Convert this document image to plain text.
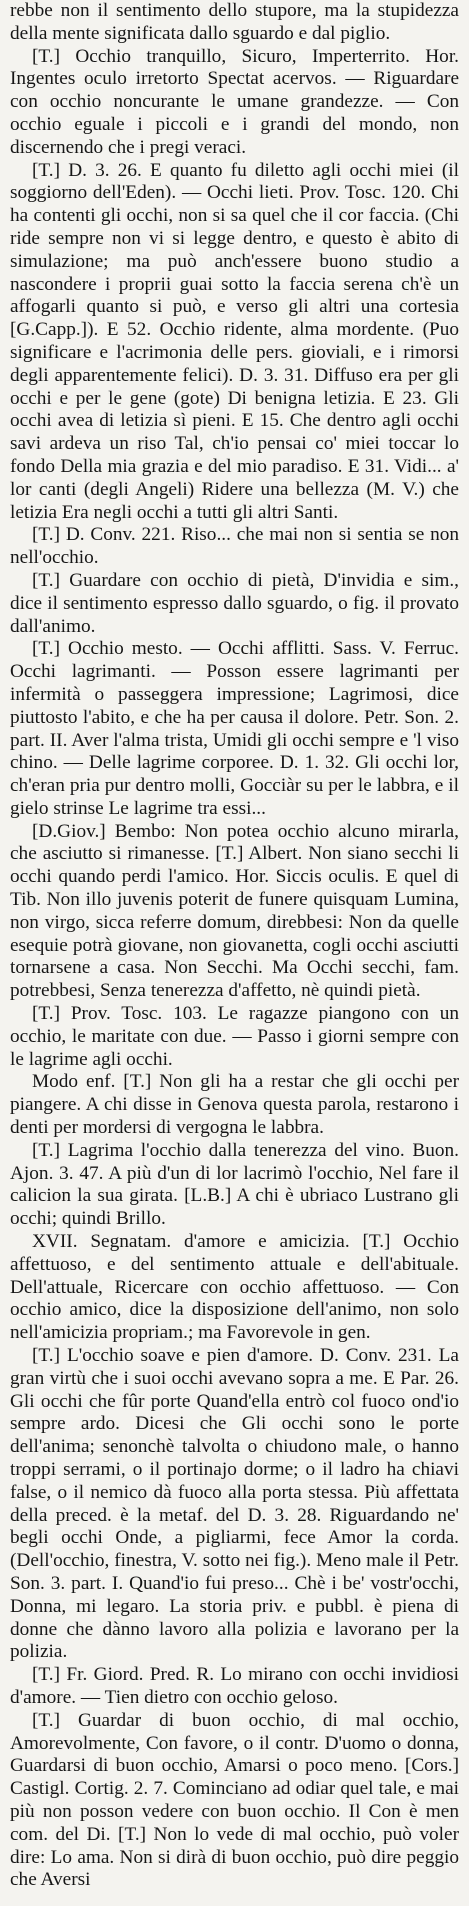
rebbe non il sentimento dello stupore, ma la stupidezza della mente significata dallo sguardo e dal piglio.

[T.] Occhio tranquillo, Sicuro, Imperterrito. Hor. Ingentes oculo irretorto Spectat acervos. — Riguardare con occhio noncurante le umane grandezze. — Con occhio eguale i piccoli e i grandi del mondo, non discernendo che i pregi veraci.

[T.] D. 3. 26. E quanto fu diletto agli occhi miei (il soggiorno dell'Eden). — Occhi lieti. Prov. Tosc. 120. Chi ha contenti gli occhi, non si sa quel che il cor faccia. (Chi ride sempre non vi si legge dentro, e questo è abito di simulazione; ma può anch'essere buono studio a nascondere i proprii guai sotto la faccia serena ch'è un affogarli quanto si può, e verso gli altri una cortesia [G.Capp.]). E 52. Occhio ridente, alma mordente. (Puo significare e l'acrimonia delle pers. gioviali, e i rimorsi degli apparentemente felici). D. 3. 31. Diffuso era per gli occhi e per le gene (gote) Di benigna letizia. E 23. Gli occhi avea di letizia sì pieni. E 15. Che dentro agli occhi savi ardeva un riso Tal, ch'io pensai co' miei toccar lo fondo Della mia grazia e del mio paradiso. E 31. Vidi... a' lor canti (degli Angeli) Ridere una bellezza (M. V.) che letizia Era negli occhi a tutti gli altri Santi.

[T.] D. Conv. 221. Riso... che mai non si sentia se non nell'occhio.

[T.] Guardare con occhio di pietà, D'invidia e sim., dice il sentimento espresso dallo sguardo, o fig. il provato dall'animo.

[T.] Occhio mesto. — Occhi afflitti. Sass. V. Ferruc. Occhi lagrimanti. — Posson essere lagrimanti per infermità o passeggera impressione; Lagrimosi, dice piuttosto l'abito, e che ha per causa il dolore. Petr. Son. 2. part. II. Aver l'alma trista, Umidi gli occhi sempre e 'l viso chino. — Delle lagrime corporee. D. 1. 32. Gli occhi lor, ch'eran pria pur dentro molli, Gocciàr su per le labbra, e il gielo strinse Le lagrime tra essi...

[D.Giov.] Bembo: Non potea occhio alcuno mirarla, che asciutto si rimanesse. [T.] Albert. Non siano secchi li occhi quando perdi l'amico. Hor. Siccis oculis. E quel di Tib. Non illo juvenis poterit de funere quisquam Lumina, non virgo, sicca referre domum, direbbesi: Non da quelle esequie potrà giovane, non giovanetta, cogli occhi asciutti tornarsene a casa. Non Secchi. Ma Occhi secchi, fam. potrebbesi, Senza tenerezza d'affetto, nè quindi pietà.

[T.] Prov. Tosc. 103. Le ragazze piangono con un occhio, le maritate con due. — Passo i giorni sempre con le lagrime agli occhi.

Modo enf. [T.] Non gli ha a restar che gli occhi per piangere. A chi disse in Genova questa parola, restarono i denti per mordersi di vergogna le labbra.

[T.] Lagrima l'occhio dalla tenerezza del vino. Buon. Ajon. 3. 47. A più d'un di lor lacrimò l'occhio, Nel fare il calicion la sua girata. [L.B.] A chi è ubriaco Lustrano gli occhi; quindi Brillo.

XVII. Segnatam. d'amore e amicizia. [T.] Occhio affettuoso, e del sentimento attuale e dell'abituale. Dell'attuale, Ricercare con occhio affettuoso. — Con occhio amico, dice la disposizione dell'animo, non solo nell'amicizia propriam.; ma Favorevole in gen.

[T.] L'occhio soave e pien d'amore. D. Conv. 231. La gran virtù che i suoi occhi avevano sopra a me. E Par. 26. Gli occhi che fûr porte Quand'ella entrò col fuoco ond'io sempre ardo. Dicesi che Gli occhi sono le porte dell'anima; senonchè talvolta o chiudono male, o hanno troppi serrami, o il portinajo dorme; o il ladro ha chiavi false, o il nemico dà fuoco alla porta stessa. Più affettata della preced. è la metaf. del D. 3. 28. Riguardando ne' begli occhi Onde, a pigliarmi, fece Amor la corda. (Dell'occhio, finestra, V. sotto nei fig.). Meno male il Petr. Son. 3. part. I. Quand'io fui preso... Chè i be' vostr'occhi, Donna, mi legaro. La storia priv. e pubbl. è piena di donne che dànno lavoro alla polizia e lavorano per la polizia.

[T.] Fr. Giord. Pred. R. Lo mirano con occhi invidiosi d'amore. — Tien dietro con occhio geloso.

[T.] Guardar di buon occhio, di mal occhio, Amorevolmente, Con favore, o il contr. D'uomo o donna, Guardarsi di buon occhio, Amarsi o poco meno. [Cors.] Castigl. Cortig. 2. 7. Cominciano ad odiar quel tale, e mai più non posson vedere con buon occhio. Il Con è men com. del Di. [T.] Non lo vede di mal occhio, può voler dire: Lo ama. Non si dirà di buon occhio, può dire peggio che Aversi
